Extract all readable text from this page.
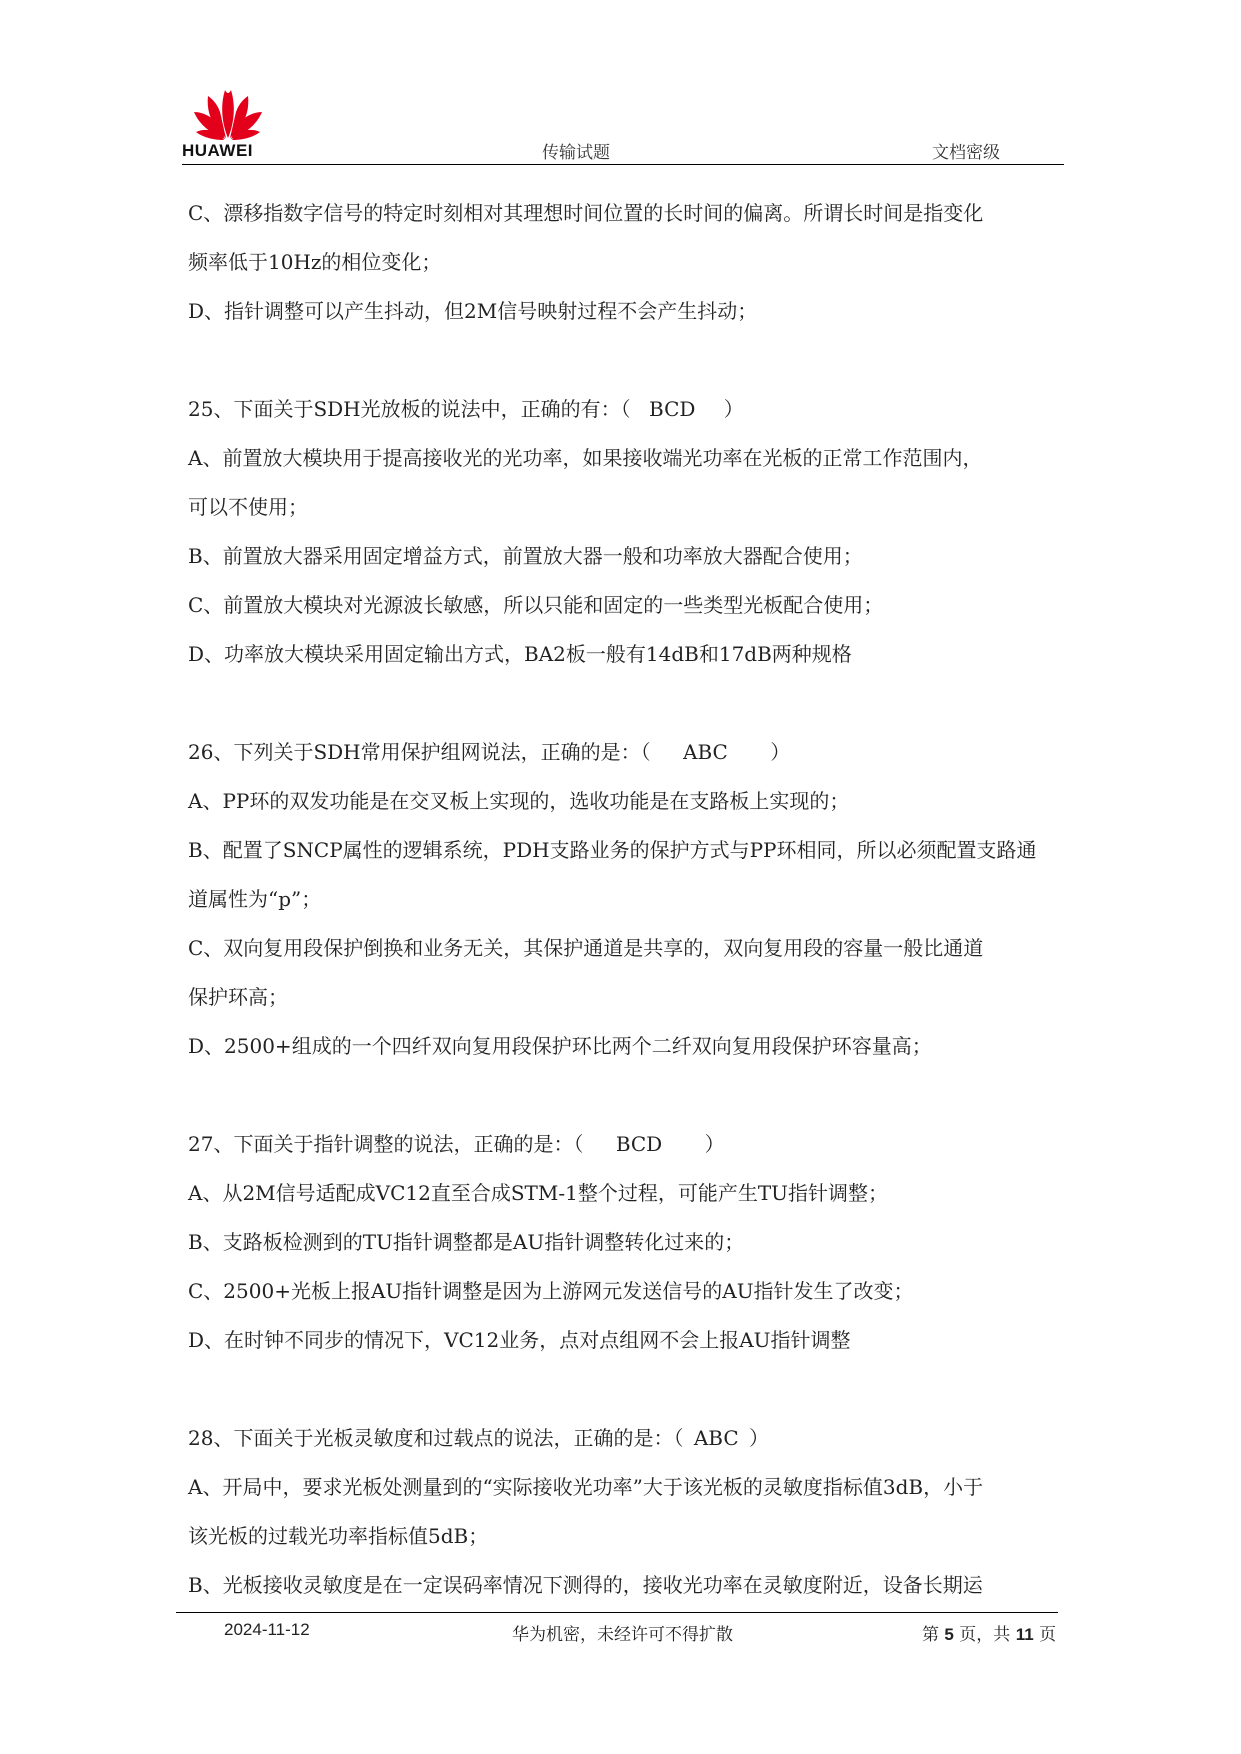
HUAWEI	传输试题	文档密级
C、漂移指数字信号的特定时刻相对其理想时间位置的长时间的偏离。所谓长时间是指变化
频率低于10Hz的相位变化；
D、指针调整可以产生抖动，但2M信号映射过程不会产生抖动；
25、下面关于SDH光放板的说法中，正确的有：（ BCD ）
A、前置放大模块用于提高接收光的光功率，如果接收端光功率在光板的正常工作范围内，
可以不使用；
B、前置放大器采用固定增益方式，前置放大器一般和功率放大器配合使用；
C、前置放大模块对光源波长敏感，所以只能和固定的一些类型光板配合使用；
D、功率放大模块采用固定输出方式，BA2板一般有14dB和17dB两种规格
26、下列关于SDH常用保护组网说法，正确的是：（ ABC ）
A、PP环的双发功能是在交叉板上实现的，选收功能是在支路板上实现的；
B、配置了SNCP属性的逻辑系统，PDH支路业务的保护方式与PP环相同，所以必须配置支路通
道属性为“p”；
C、双向复用段保护倒换和业务无关，其保护通道是共享的，双向复用段的容量一般比通道
保护环高；
D、2500+组成的一个四纤双向复用段保护环比两个二纤双向复用段保护环容量高；
27、下面关于指针调整的说法，正确的是：（ BCD ）
A、从2M信号适配成VC12直至合成STM-1整个过程，可能产生TU指针调整；
B、支路板检测到的TU指针调整都是AU指针调整转化过来的；
C、2500+光板上报AU指针调整是因为上游网元发送信号的AU指针发生了改变；
D、在时钟不同步的情况下，VC12业务，点对点组网不会上报AU指针调整
28、下面关于光板灵敏度和过载点的说法，正确的是：（ ABC ）
A、开局中，要求光板处测量到的“实际接收光功率”大于该光板的灵敏度指标值3dB，小于
该光板的过载光功率指标值5dB；
B、光板接收灵敏度是在一定误码率情况下测得的，接收光功率在灵敏度附近，设备长期运
2024-11-12	华为机密，未经许可不得扩散	第 5 页，共 11 页
